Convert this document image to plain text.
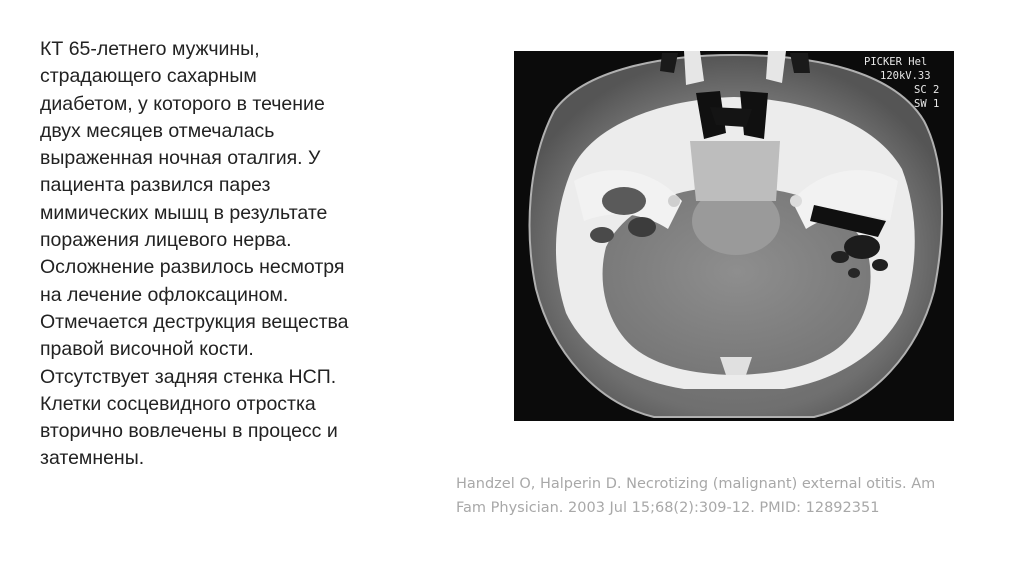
КТ 65-летнего мужчины,
страдающего сахарным
диабетом, у которого в течение
двух месяцев отмечалась
выраженная ночная оталгия. У
пациента развился парез
мимических мышц в результате
поражения лицевого нерва.
Осложнение развилось несмотря
на лечение офлоксацином.
Отмечается деструкция вещества
правой височной кости.
Отсутствует задняя стенка НСП.
Клетки сосцевидного отростка
вторично вовлечены в процесс и
затемнены.
PICKER Hel
120kV.33
SC 2
SW 1
Handzel O, Halperin D. Necrotizing (malignant) external otitis. Am
Fam Physician. 2003 Jul 15;68(2):309-12. PMID: 12892351
